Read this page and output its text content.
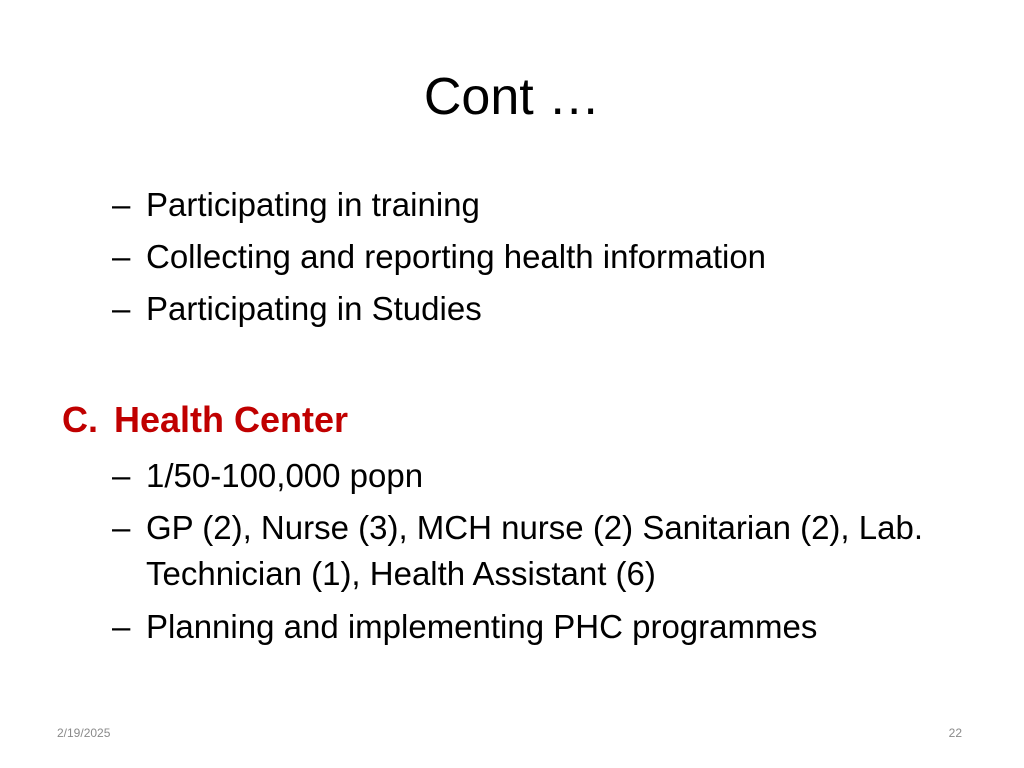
Cont …
– Participating in training
– Collecting and reporting health information
– Participating in Studies
C. Health Center
– 1/50-100,000 popn
– GP (2), Nurse (3), MCH nurse (2) Sanitarian (2), Lab. Technician (1), Health Assistant (6)
– Planning and implementing PHC programmes
2/19/2025	22
